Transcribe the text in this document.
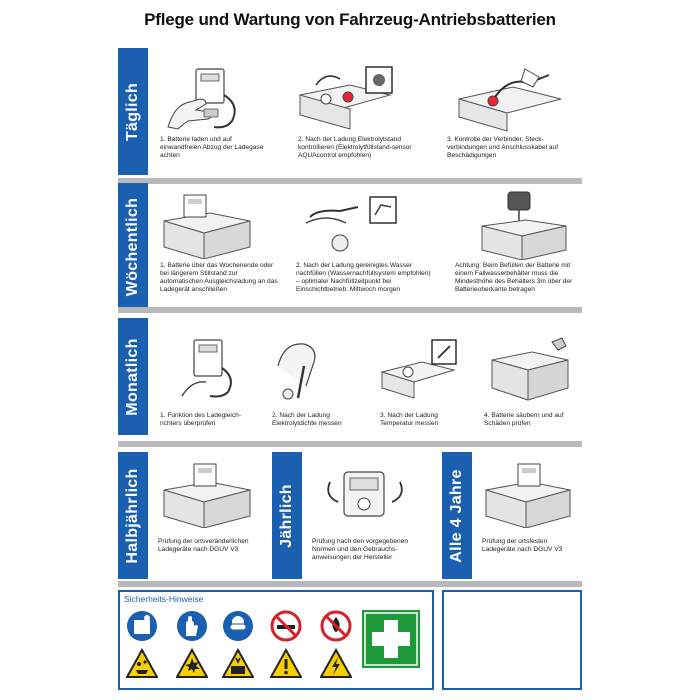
Pflege und Wartung von Fahrzeug-Antriebsbatterien
Täglich	1. Batterie laden und auf einwandfreien Abzug der Ladegase achten
2. Nach der Ladung Elektrolytstand kontrollieren (Elektrolytfüllstand-sensor AQUAcontrol empfohlen)
3. Kontrolle der Verbinder, Steck-verbindungen und Anschlusskabel auf Beschädigungen
Wöchentlich	1. Batterie über das Wochenende oder bei längerem Stillstand zur automatischen Ausgleichsladung an das Ladegerät anschließen
2. Nach der Ladung gereinigtes Wasser nachfüllen (Wassernachfüllsystem empfohlen) – optimaler Nachfüllzeitpunkt bei Einschichtbetrieb: Mittwoch morgen
Achtung: Beim Befüllen der Batterie mit einem Fallwasserbehälter muss die Mindesthöhe des Behälters 3m über der Batterieoberkante betragen
Monatlich
1. Funktion des Ladegleich-richters überprüfen
2. Nach der Ladung Elektrolytdichte messen
3. Nach der Ladung Temperatur messen
4. Batterie säubern und auf Schäden prüfen
Halbjährlich	Prüfung der ortsveränderlichen Ladegeräte nach DGUV V3
Jährlich	Prüfung nach den vorgegebenen Normen und den Gebrauchs-anweisungen der Hersteller	Alle 4 Jahre	Prüfung der ortsfesten Ladegeräte nach DGUV V3
Sicherheits-Hinweise
